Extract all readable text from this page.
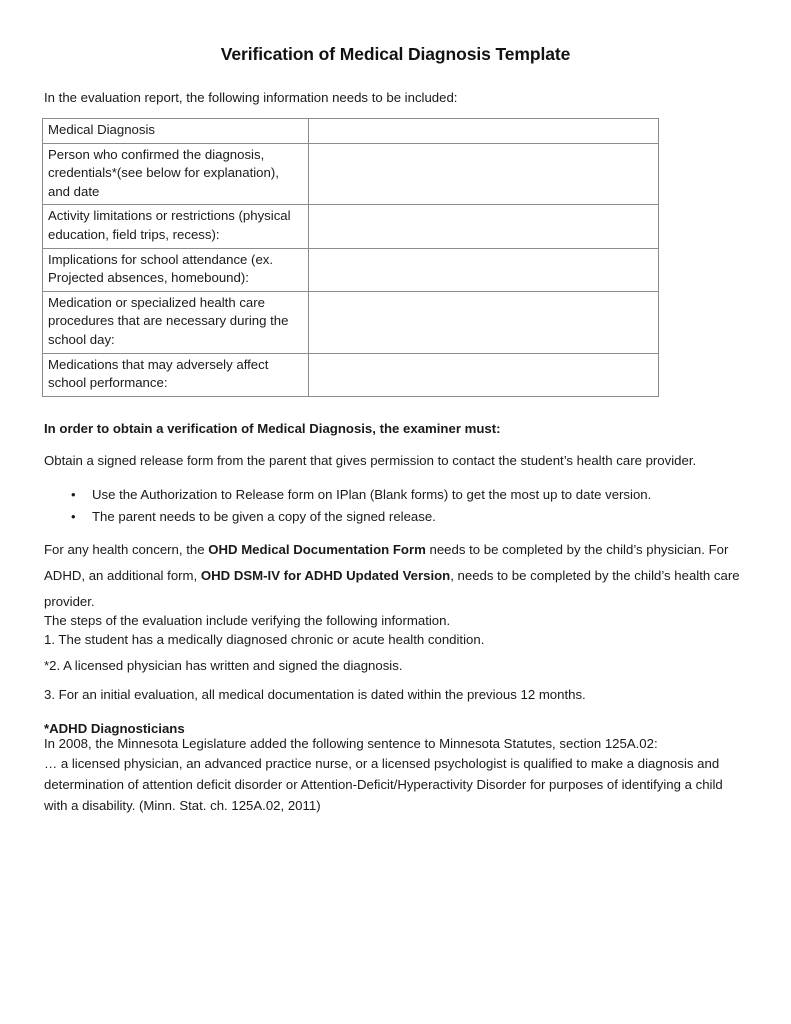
Verification of Medical Diagnosis Template
In the evaluation report, the following information needs to be included:
Medical Diagnosis	
Person who confirmed the diagnosis, credentials*(see below for explanation), and date	
Activity limitations or restrictions (physical education, field trips, recess):	
Implications for school attendance (ex. Projected absences, homebound):	
Medication or specialized health care procedures that are necessary during the school day:	
Medications that may adversely affect school performance:	
In order to obtain a verification of Medical Diagnosis, the examiner must:
Obtain a signed release form from the parent that gives permission to contact the student’s health care provider.
• Use the Authorization to Release form on IPlan (Blank forms) to get the most up to date version.
• The parent needs to be given a copy of the signed release.
For any health concern, the OHD Medical Documentation Form needs to be completed by the child’s physician. For ADHD, an additional form, OHD DSM-IV for ADHD Updated Version, needs to be completed by the child’s health care provider.
The steps of the evaluation include verifying the following information.
1. The student has a medically diagnosed chronic or acute health condition.
*2. A licensed physician has written and signed the diagnosis.
3. For an initial evaluation, all medical documentation is dated within the previous 12 months.
*ADHD Diagnosticians
In 2008, the Minnesota Legislature added the following sentence to Minnesota Statutes, section 125A.02:
… a licensed physician, an advanced practice nurse, or a licensed psychologist is qualified to make a diagnosis and determination of attention deficit disorder or Attention-Deficit/Hyperactivity Disorder for purposes of identifying a child with a disability. (Minn. Stat. ch. 125A.02, 2011)
